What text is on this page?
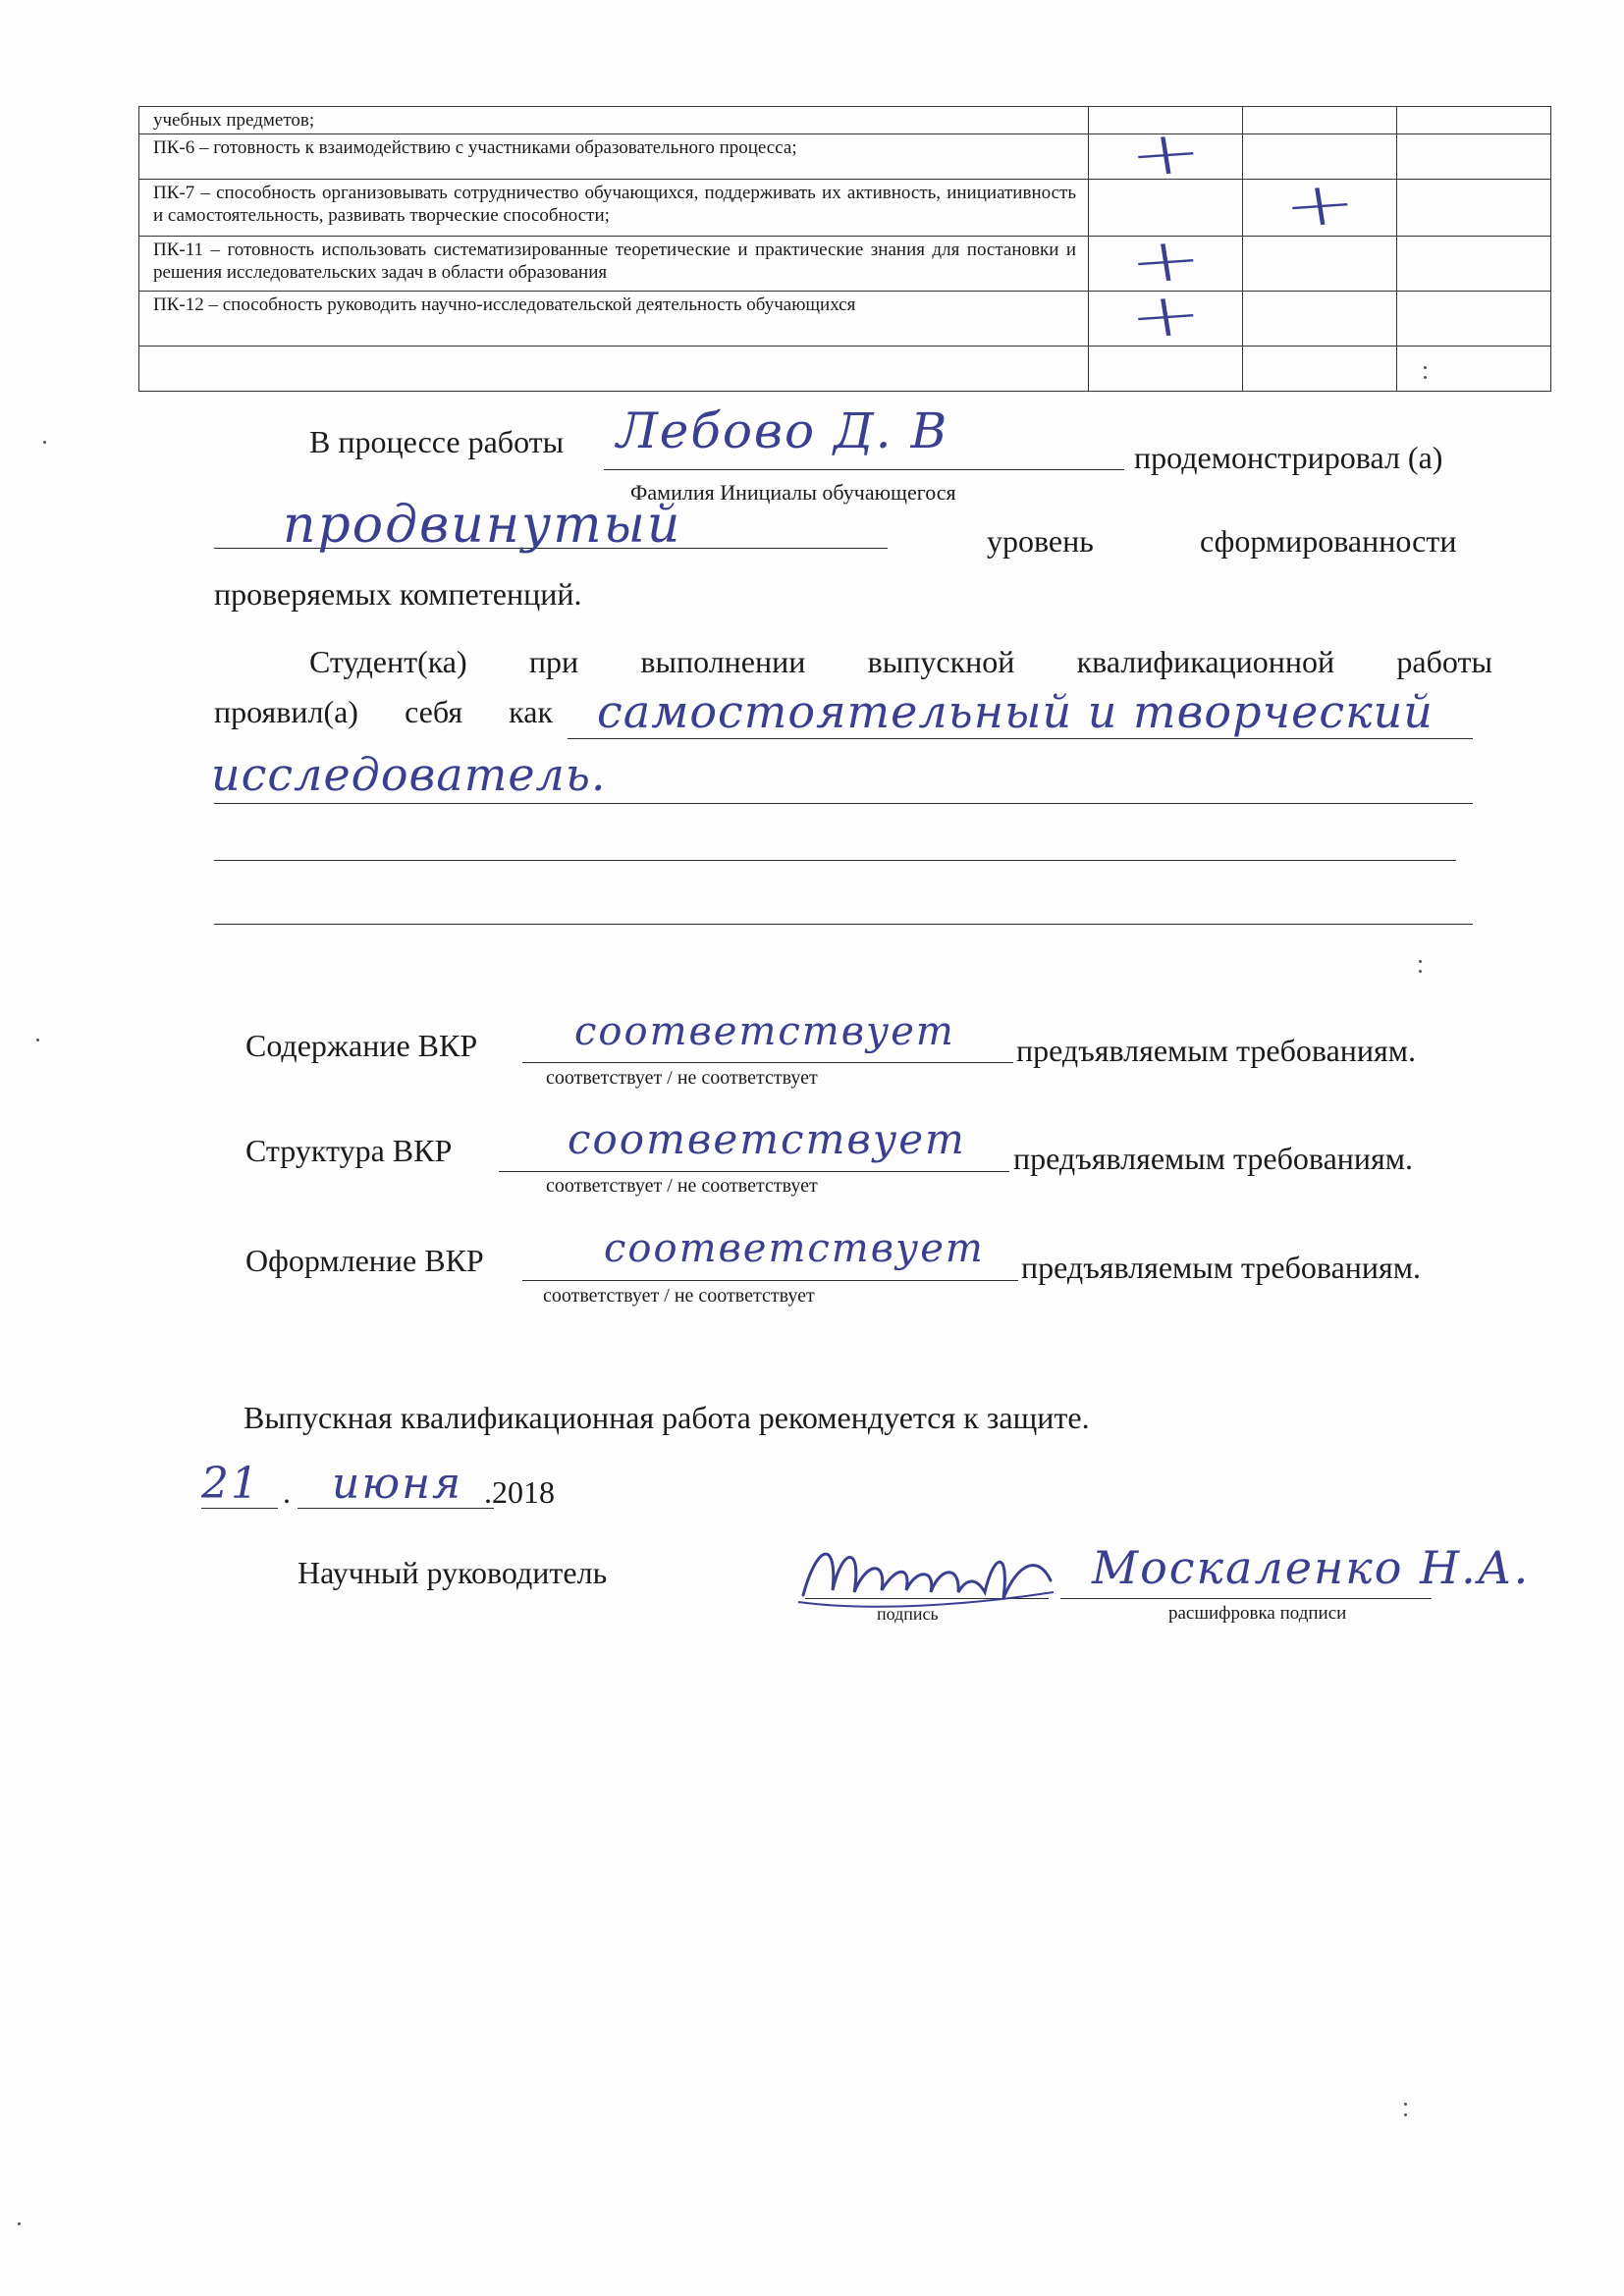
учебных предметов;			
ПК-6 – готовность к взаимодействию с участниками образовательного процесса;	+		
ПК-7 – способность организовывать сотрудничество обучающихся, поддерживать их активность, инициативность и самостоятельность, развивать творческие способности;		+	
ПК-11 – готовность использовать систематизированные теоретические и практические знания для постановки и решения исследовательских задач в области образования	+		
ПК-12 – способность руководить научно-исследовательской деятельность обучающихся	+		

В процессе работы Лебово Д. В	продемонстрировал (а)
Фамилия Инициалы обучающегося
продвинутый	уровень	сформированности
проверяемых компетенций.
Студент(ка) при выполнении выпускной квалификационной работы
проявил(а) себя как самостоятельный и творческий
исследователь.
Содержание ВКР соответствует предъявляемым требованиям.
соответствует / не соответствует
Структура ВКР	соответствует предъявляемым требованиям.
соответствует / не соответствует
Оформление ВКР	соответствует предъявляемым требованиям.
соответствует / не соответствует
Выпускная квалификационная работа рекомендуется к защите.
21 . июня .2018
Научный руководитель
подпись
Москаленко Н.А.
расшифровка подписи
